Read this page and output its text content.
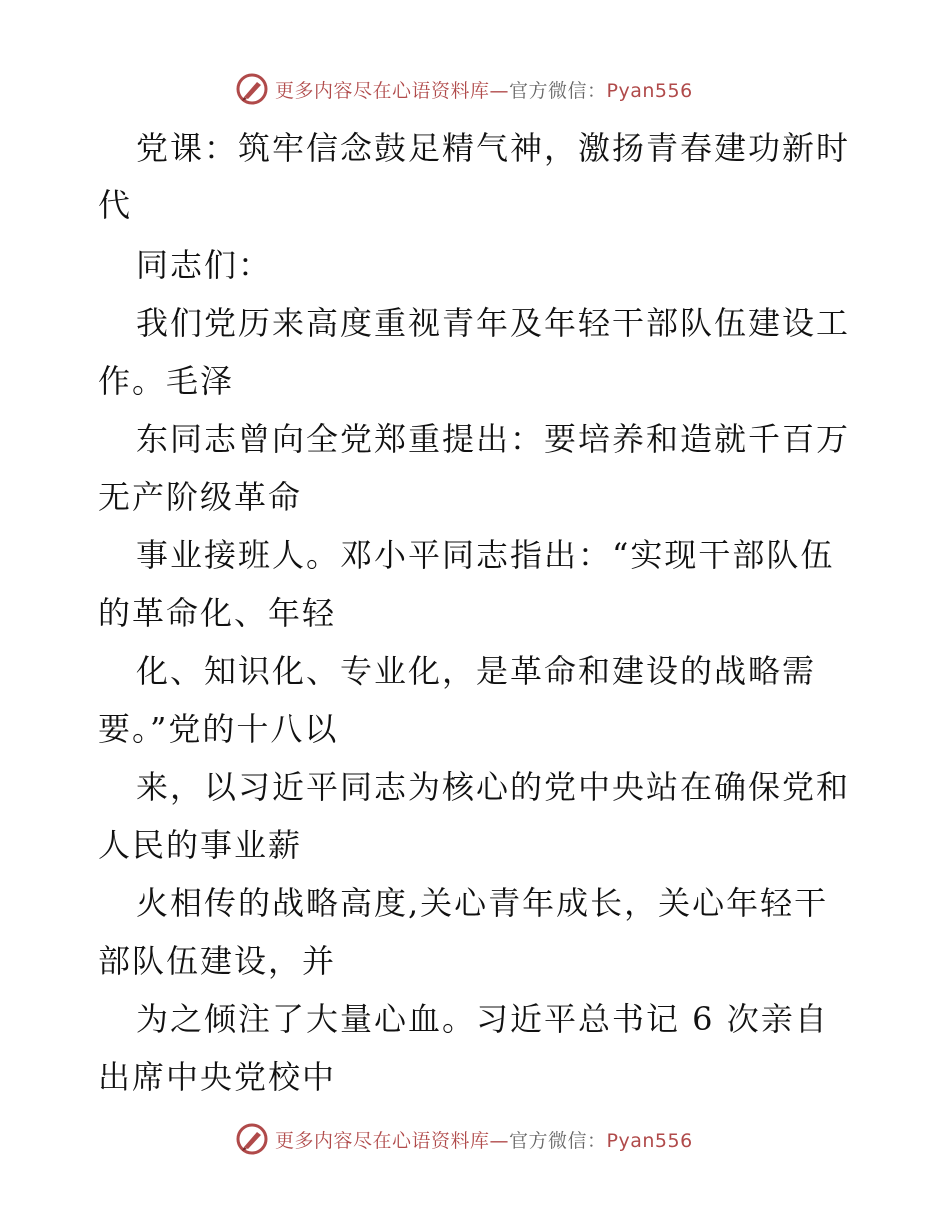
更多内容尽在心语资料库—官方微信：Pyan556
党课：筑牢信念鼓足精气神，激扬青春建功新时
代
同志们：
我们党历来高度重视青年及年轻干部队伍建设工
作。毛泽
东同志曾向全党郑重提出：要培养和造就千百万
无产阶级革命
事业接班人。邓小平同志指出：“实现干部队伍
的革命化、年轻
化、知识化、专业化，是革命和建设的战略需
要。”党的十八以
来，以习近平同志为核心的党中央站在确保党和
人民的事业薪
火相传的战略高度,关心青年成长，关心年轻干
部队伍建设，并
为之倾注了大量心血。习近平总书记 6 次亲自
出席中央党校中
更多内容尽在心语资料库—官方微信：Pyan556
